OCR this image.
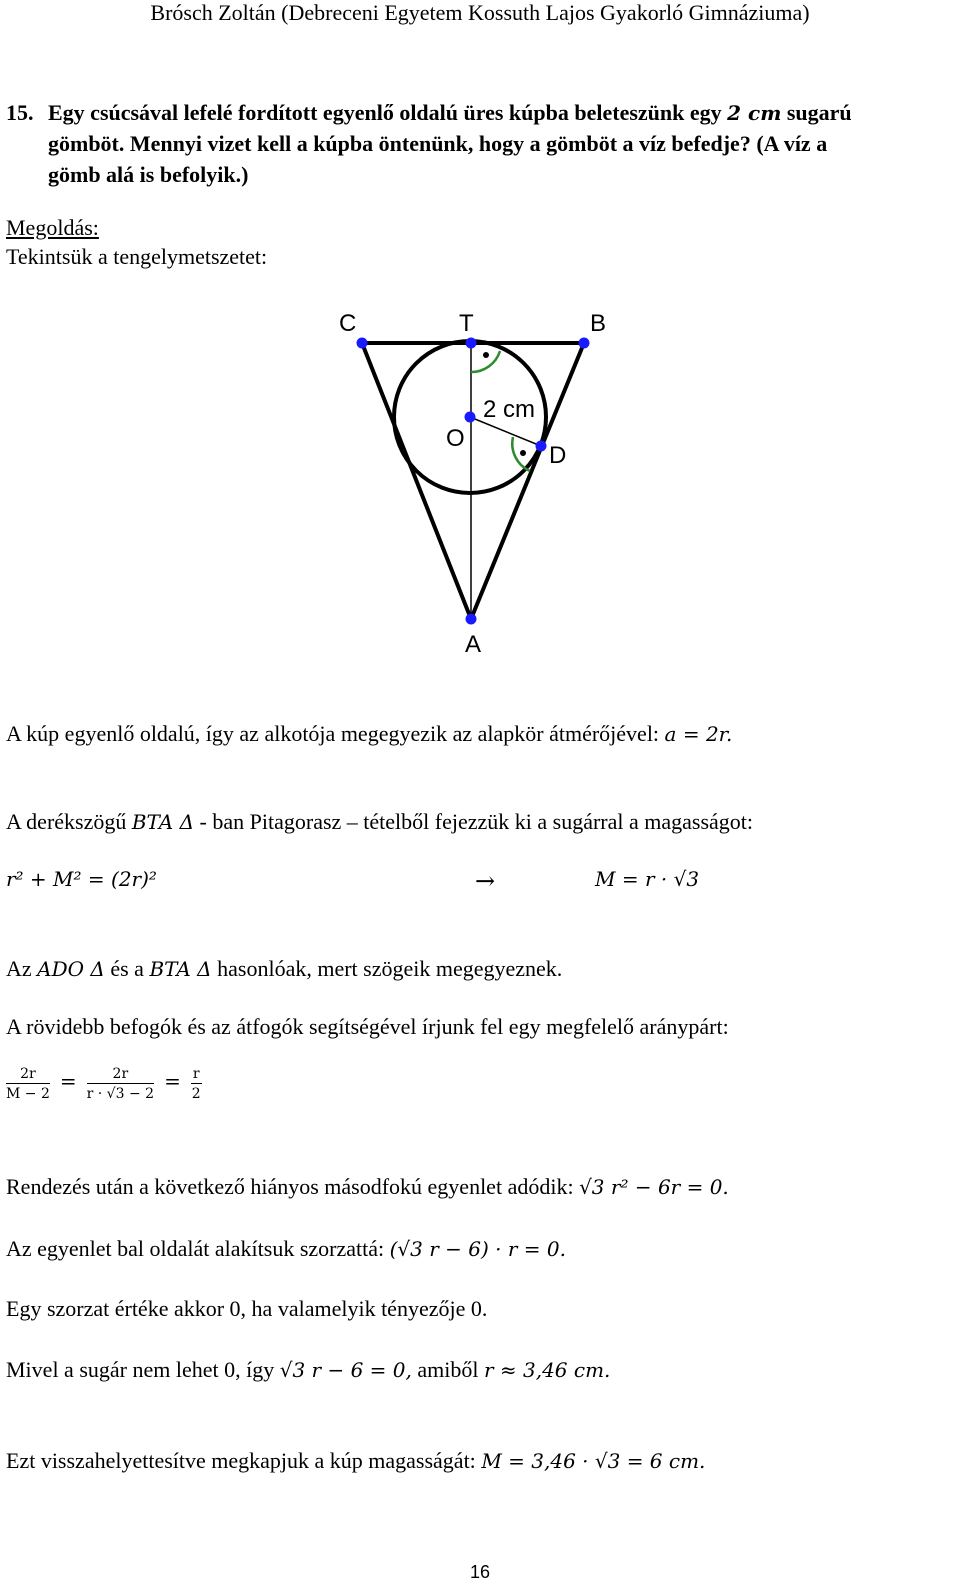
Brósch Zoltán (Debreceni Egyetem Kossuth Lajos Gyakorló Gimnáziuma)
15. Egy csúcsával lefelé fordított egyenlő oldalú üres kúpba beleteszünk egy 2 cm sugarú
gömböt. Mennyi vizet kell a kúpba öntenünk, hogy a gömböt a víz befedje? (A víz a
gömb alá is befolyik.)
Megoldás:
Tekintsük a tengelymetszetet:
C	T	B
O
D
A
2 cm
A kúp egyenlő oldalú, így az alkotója megegyezik az alapkör átmérőjével: a = 2r.
A derékszögű BTA Δ - ban Pitagorasz – tételből fejezzük ki a sugárral a magasságot:
r² + M² = (2r)²	→	M = r · √3
Az ADO Δ és a BTA Δ hasonlóak, mert szögeik megegyeznek.
A rövidebb befogók és az átfogók segítségével írjunk fel egy megfelelő aránypárt:
$\frac{2r}{M - 2} = \frac{2r}{r \cdot √3 - 2} = \frac{r}{2}$
Rendezés után a következő hiányos másodfokú egyenlet adódik: √3 r² − 6r = 0.
Az egyenlet bal oldalát alakítsuk szorzattá: (√3 r − 6) · r = 0.
Egy szorzat értéke akkor 0, ha valamelyik tényezője 0.
Mivel a sugár nem lehet 0, így √3 r − 6 = 0, amiből r ≈ 3,46 cm.
Ezt visszahelyettesítve megkapjuk a kúp magasságát: M = 3,46 · √3 = 6 cm.
16
